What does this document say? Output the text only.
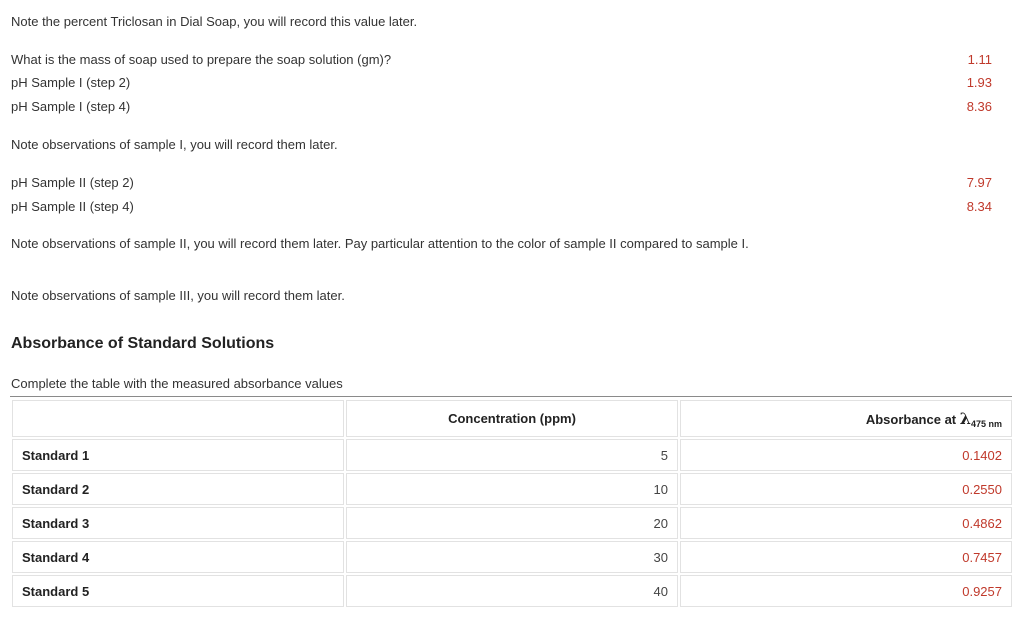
Note the percent Triclosan in Dial Soap, you will record this value later.
What is the mass of soap used to prepare the soap solution (gm)?	1.11
pH Sample I (step 2)	1.93
pH Sample I (step 4)	8.36
Note observations of sample I, you will record them later.
pH Sample II (step 2)	7.97
pH Sample II (step 4)	8.34
Note observations of sample II, you will record them later. Pay particular attention to the color of sample II compared to sample I.
Note observations of sample III, you will record them later.
Absorbance of Standard Solutions
Complete the table with the measured absorbance values
	Concentration (ppm)	Absorbance at $\lambda_{475 nm}$
Standard 1	5	0.1402
Standard 2	10	0.2550
Standard 3	20	0.4862
Standard 4	30	0.7457
Standard 5	40	0.9257
